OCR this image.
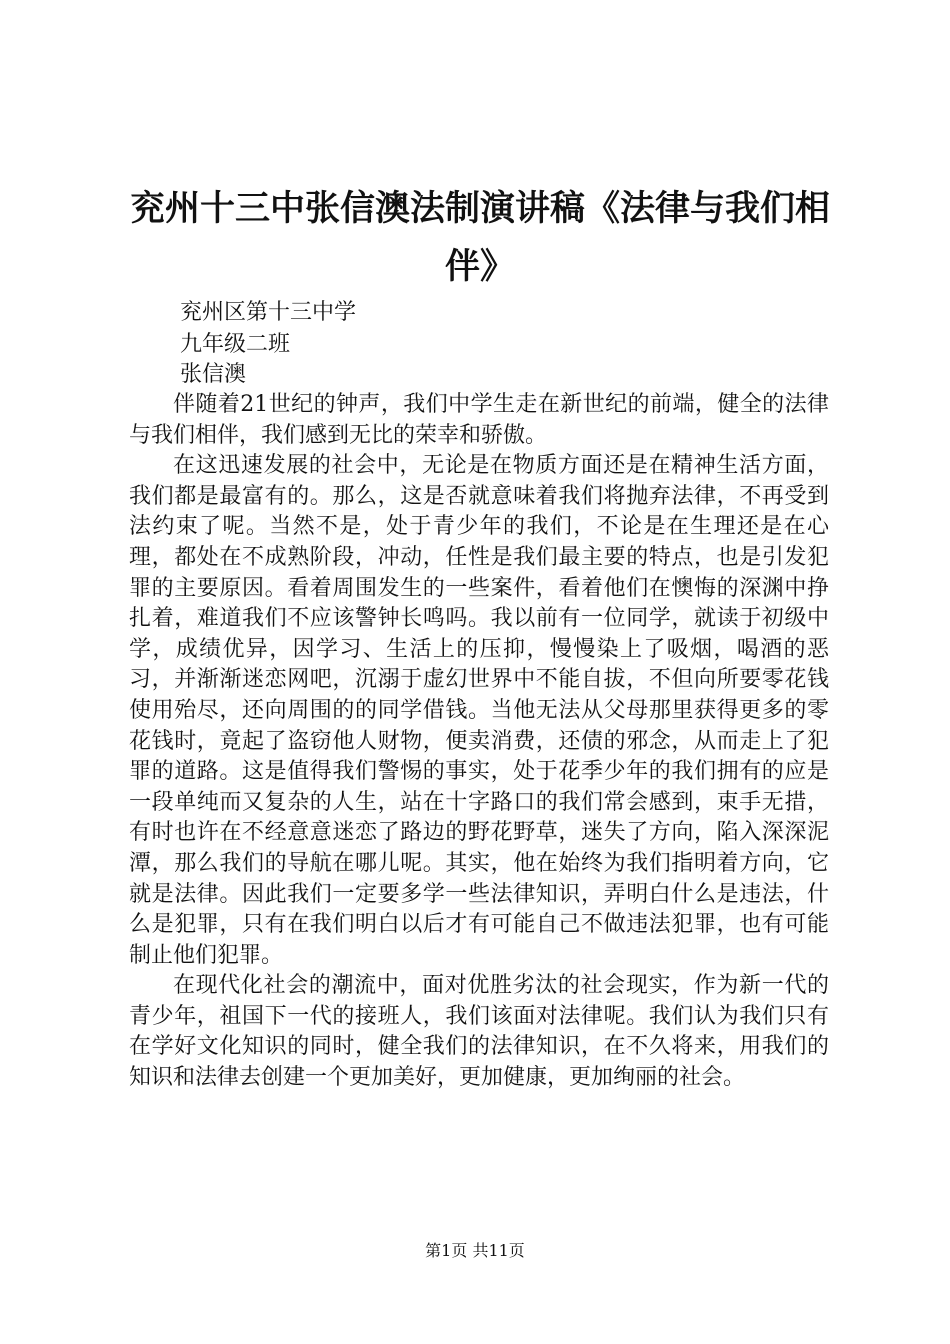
兖州十三中张信澳法制演讲稿《法律与我们相伴》

兖州区第十三中学

九年级二班

张信澳

伴随着21世纪的钟声，我们中学生走在新世纪的前端，健全的法律与我们相伴，我们感到无比的荣幸和骄傲。

在这迅速发展的社会中，无论是在物质方面还是在精神生活方面，我们都是最富有的。那么，这是否就意味着我们将抛弃法律，不再受到法约束了呢。当然不是，处于青少年的我们，不论是在生理还是在心理，都处在不成熟阶段，冲动，任性是我们最主要的特点，也是引发犯罪的主要原因。看着周围发生的一些案件，看着他们在懊悔的深渊中挣扎着，难道我们不应该警钟长鸣吗。我以前有一位同学，就读于初级中学，成绩优异，因学习、生活上的压抑，慢慢染上了吸烟，喝酒的恶习，并渐渐迷恋网吧，沉溺于虚幻世界中不能自拔，不但向所要零花钱使用殆尽，还向周围的的同学借钱。当他无法从父母那里获得更多的零花钱时，竟起了盗窃他人财物，便卖消费，还债的邪念，从而走上了犯罪的道路。这是值得我们警惕的事实，处于花季少年的我们拥有的应是一段单纯而又复杂的人生，站在十字路口的我们常会感到，束手无措，有时也许在不经意意迷恋了路边的野花野草，迷失了方向，陷入深深泥潭，那么我们的导航在哪儿呢。其实，他在始终为我们指明着方向，它就是法律。因此我们一定要多学一些法律知识，弄明白什么是违法，什么是犯罪，只有在我们明白以后才有可能自己不做违法犯罪，也有可能制止他们犯罪。

在现代化社会的潮流中，面对优胜劣汰的社会现实，作为新一代的青少年，祖国下一代的接班人，我们该面对法律呢。我们认为我们只有在学好文化知识的同时，健全我们的法律知识，在不久将来，用我们的知识和法律去创建一个更加美好，更加健康，更加绚丽的社会。

第1页 共11页
